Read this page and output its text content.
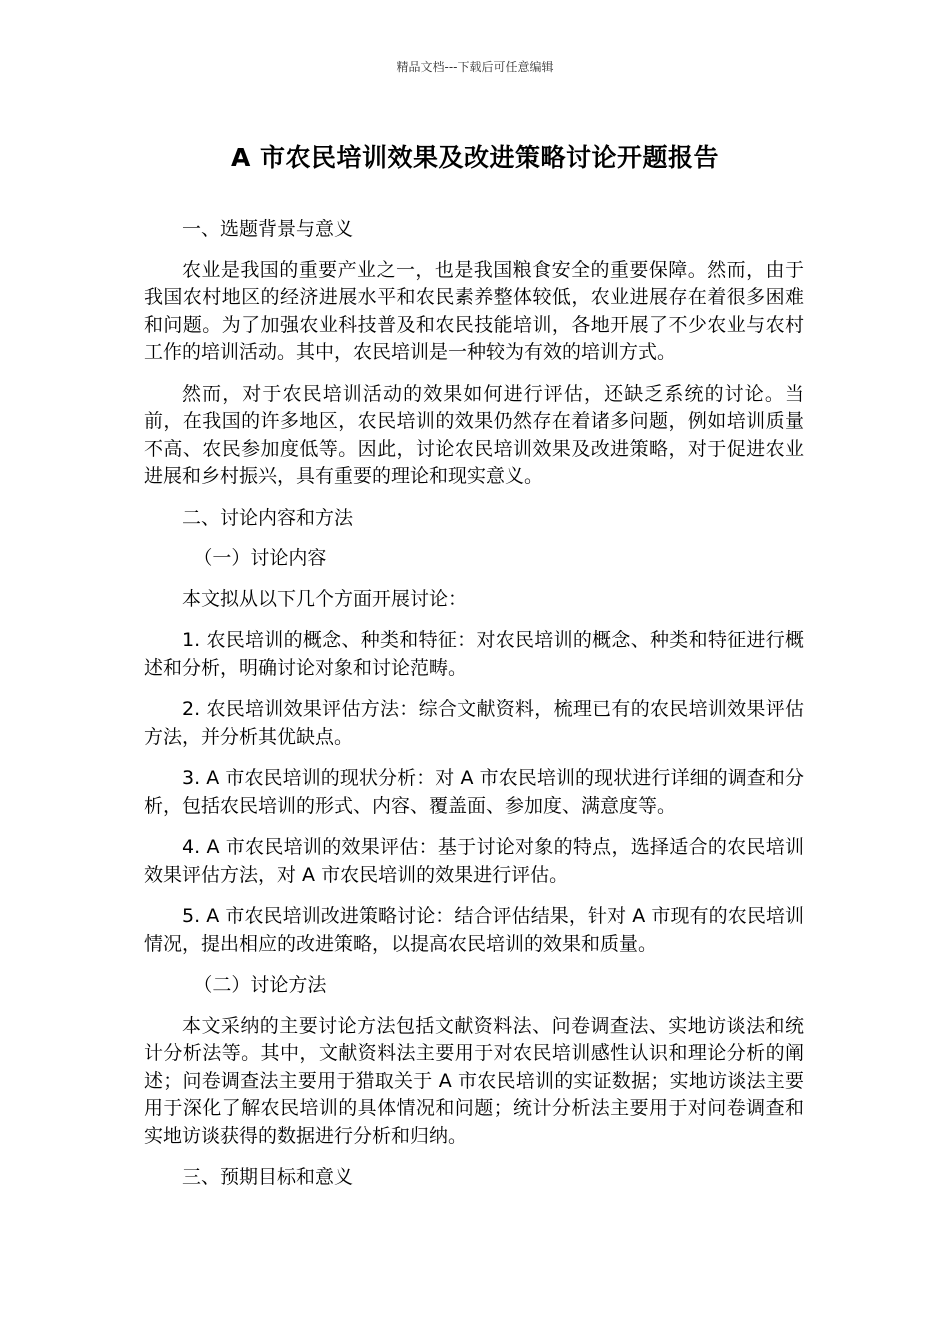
精品文档---下载后可任意编辑
A 市农民培训效果及改进策略讨论开题报告

一、选题背景与意义

农业是我国的重要产业之一，也是我国粮食安全的重要保障。然而，由于我国农村地区的经济进展水平和农民素养整体较低，农业进展存在着很多困难和问题。为了加强农业科技普及和农民技能培训，各地开展了不少农业与农村工作的培训活动。其中，农民培训是一种较为有效的培训方式。

然而，对于农民培训活动的效果如何进行评估，还缺乏系统的讨论。当前，在我国的许多地区，农民培训的效果仍然存在着诸多问题，例如培训质量不高、农民参加度低等。因此，讨论农民培训效果及改进策略，对于促进农业进展和乡村振兴，具有重要的理论和现实意义。

二、讨论内容和方法

（一）讨论内容

本文拟从以下几个方面开展讨论：

1. 农民培训的概念、种类和特征：对农民培训的概念、种类和特征进行概述和分析，明确讨论对象和讨论范畴。

2. 农民培训效果评估方法：综合文献资料，梳理已有的农民培训效果评估方法，并分析其优缺点。

3. A 市农民培训的现状分析：对 A 市农民培训的现状进行详细的调查和分析，包括农民培训的形式、内容、覆盖面、参加度、满意度等。

4. A 市农民培训的效果评估：基于讨论对象的特点，选择适合的农民培训效果评估方法，对 A 市农民培训的效果进行评估。

5. A 市农民培训改进策略讨论：结合评估结果，针对 A 市现有的农民培训情况，提出相应的改进策略，以提高农民培训的效果和质量。

（二）讨论方法

本文采纳的主要讨论方法包括文献资料法、问卷调查法、实地访谈法和统计分析法等。其中，文献资料法主要用于对农民培训感性认识和理论分析的阐述；问卷调查法主要用于猎取关于 A 市农民培训的实证数据；实地访谈法主要用于深化了解农民培训的具体情况和问题；统计分析法主要用于对问卷调查和实地访谈获得的数据进行分析和归纳。

三、预期目标和意义
